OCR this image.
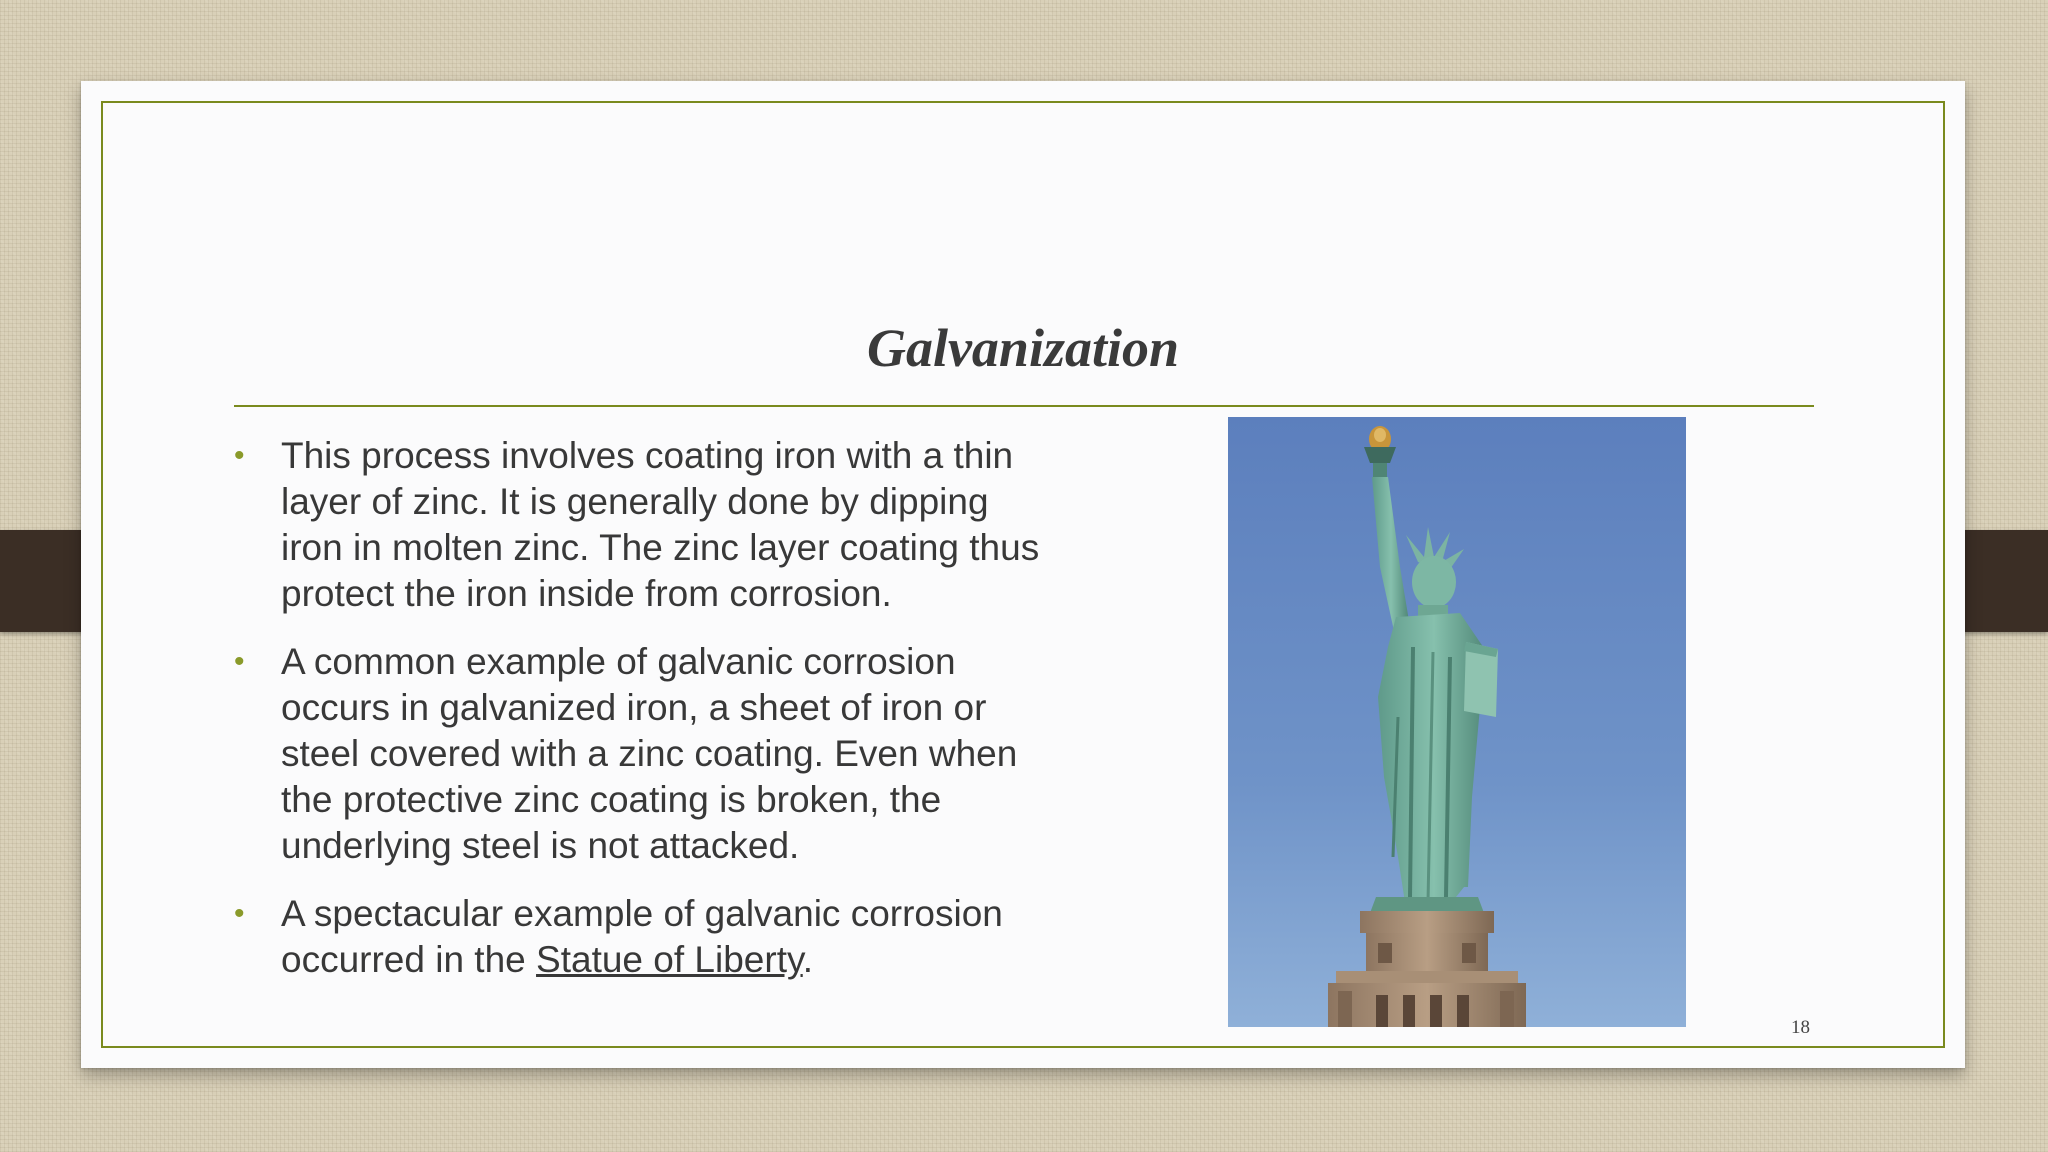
Galvanization
• This process involves coating iron with a thin layer of zinc. It is generally done by dipping iron in molten zinc. The zinc layer coating thus protect the iron inside from corrosion.
• A common example of galvanic corrosion occurs in galvanized iron, a sheet of iron or steel covered with a zinc coating. Even when the protective zinc coating is broken, the underlying steel is not attacked.
• A spectacular example of galvanic corrosion occurred in the Statue of Liberty.
18
